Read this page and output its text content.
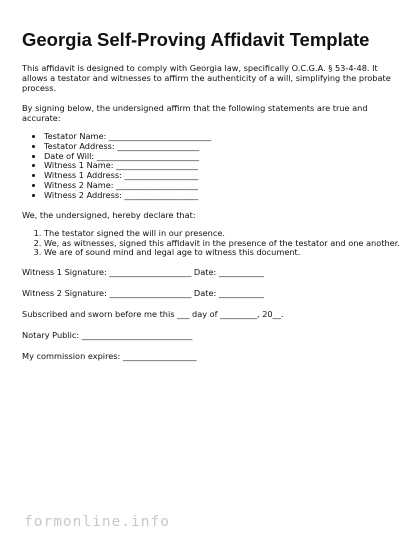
Georgia Self-Proving Affidavit Template

This affidavit is designed to comply with Georgia law, specifically O.C.G.A. § 53-4-48. It allows a testator and witnesses to affirm the authenticity of a will, simplifying the probate process.

By signing below, the undersigned affirm that the following statements are true and accurate:

• Testator Name: _________________________
• Testator Address: ____________________
• Date of Will: _________________________
• Witness 1 Name: ____________________
• Witness 1 Address: __________________
• Witness 2 Name: ____________________
• Witness 2 Address: __________________

We, the undersigned, hereby declare that:

1. The testator signed the will in our presence.
2. We, as witnesses, signed this affidavit in the presence of the testator and one another.
3. We are of sound mind and legal age to witness this document.
Witness 1 Signature: ____________________ Date: ___________
Witness 2 Signature: ____________________ Date: ___________
Subscribed and sworn before me this ___ day of _________, 20__.
Notary Public: ___________________________
My commission expires: __________________
formonline.info
